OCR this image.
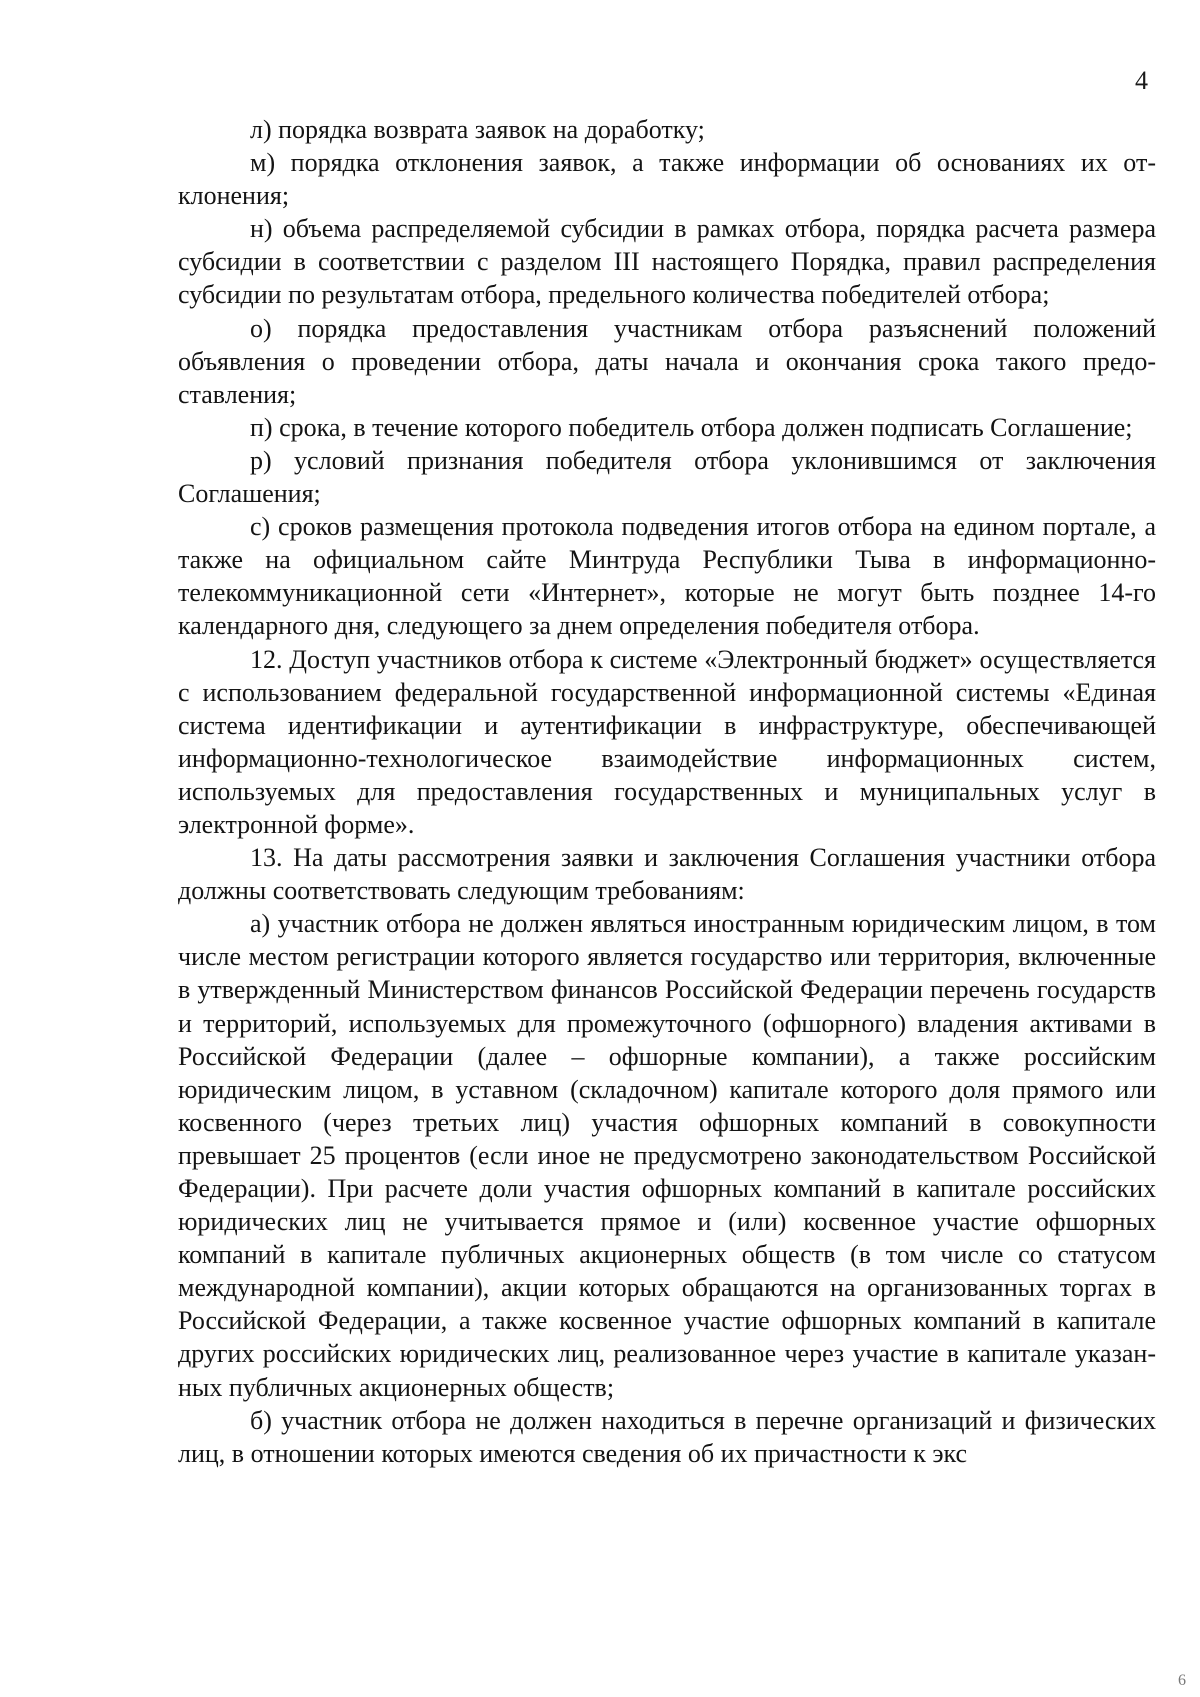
4

л) порядка возврата заявок на доработку;

м) порядка отклонения заявок, а также информации об основаниях их отклонения;

н) объема распределяемой субсидии в рамках отбора, порядка расчета размера субсидии в соответствии с разделом III настоящего Порядка, правил распределения субсидии по результатам отбора, предельного количества победителей отбора;

о) порядка предоставления участникам отбора разъяснений положений объявления о проведении отбора, даты начала и окончания срока такого предоставления;

п) срока, в течение которого победитель отбора должен подписать Соглашение;

р) условий признания победителя отбора уклонившимся от заключения Соглашения;

с) сроков размещения протокола подведения итогов отбора на едином портале, а также на официальном сайте Минтруда Республики Тыва в информационно-телекоммуникационной сети «Интернет», которые не могут быть позднее 14-го календарного дня, следующего за днем определения победителя отбора.

12. Доступ участников отбора к системе «Электронный бюджет» осуществляется с использованием федеральной государственной информационной системы «Единая система идентификации и аутентификации в инфраструктуре, обеспечивающей информационно-технологическое взаимодействие информационных систем, используемых для предоставления государственных и муниципальных услуг в электронной форме».

13. На даты рассмотрения заявки и заключения Соглашения участники отбора должны соответствовать следующим требованиям:

а) участник отбора не должен являться иностранным юридическим лицом, в том числе местом регистрации которого является государство или территория, включенные в утвержденный Министерством финансов Российской Федерации перечень государств и территорий, используемых для промежуточного (офшорного) владения активами в Российской Федерации (далее – офшорные компании), а также российским юридическим лицом, в уставном (складочном) капитале которого доля прямого или косвенного (через третьих лиц) участия офшорных компаний в совокупности превышает 25 процентов (если иное не предусмотрено законодательством Российской Федерации). При расчете доли участия офшорных компаний в капитале российских юридических лиц не учитывается прямое и (или) косвенное участие офшорных компаний в капитале публичных акционерных обществ (в том числе со статусом международной компании), акции которых обращаются на организованных торгах в Российской Федерации, а также косвенное участие офшорных компаний в капитале других российских юридических лиц, реализованное через участие в капитале указанных публичных акционерных обществ;

б) участник отбора не должен находиться в перечне организаций и физических лиц, в отношении которых имеются сведения об их причастности к экс

6
